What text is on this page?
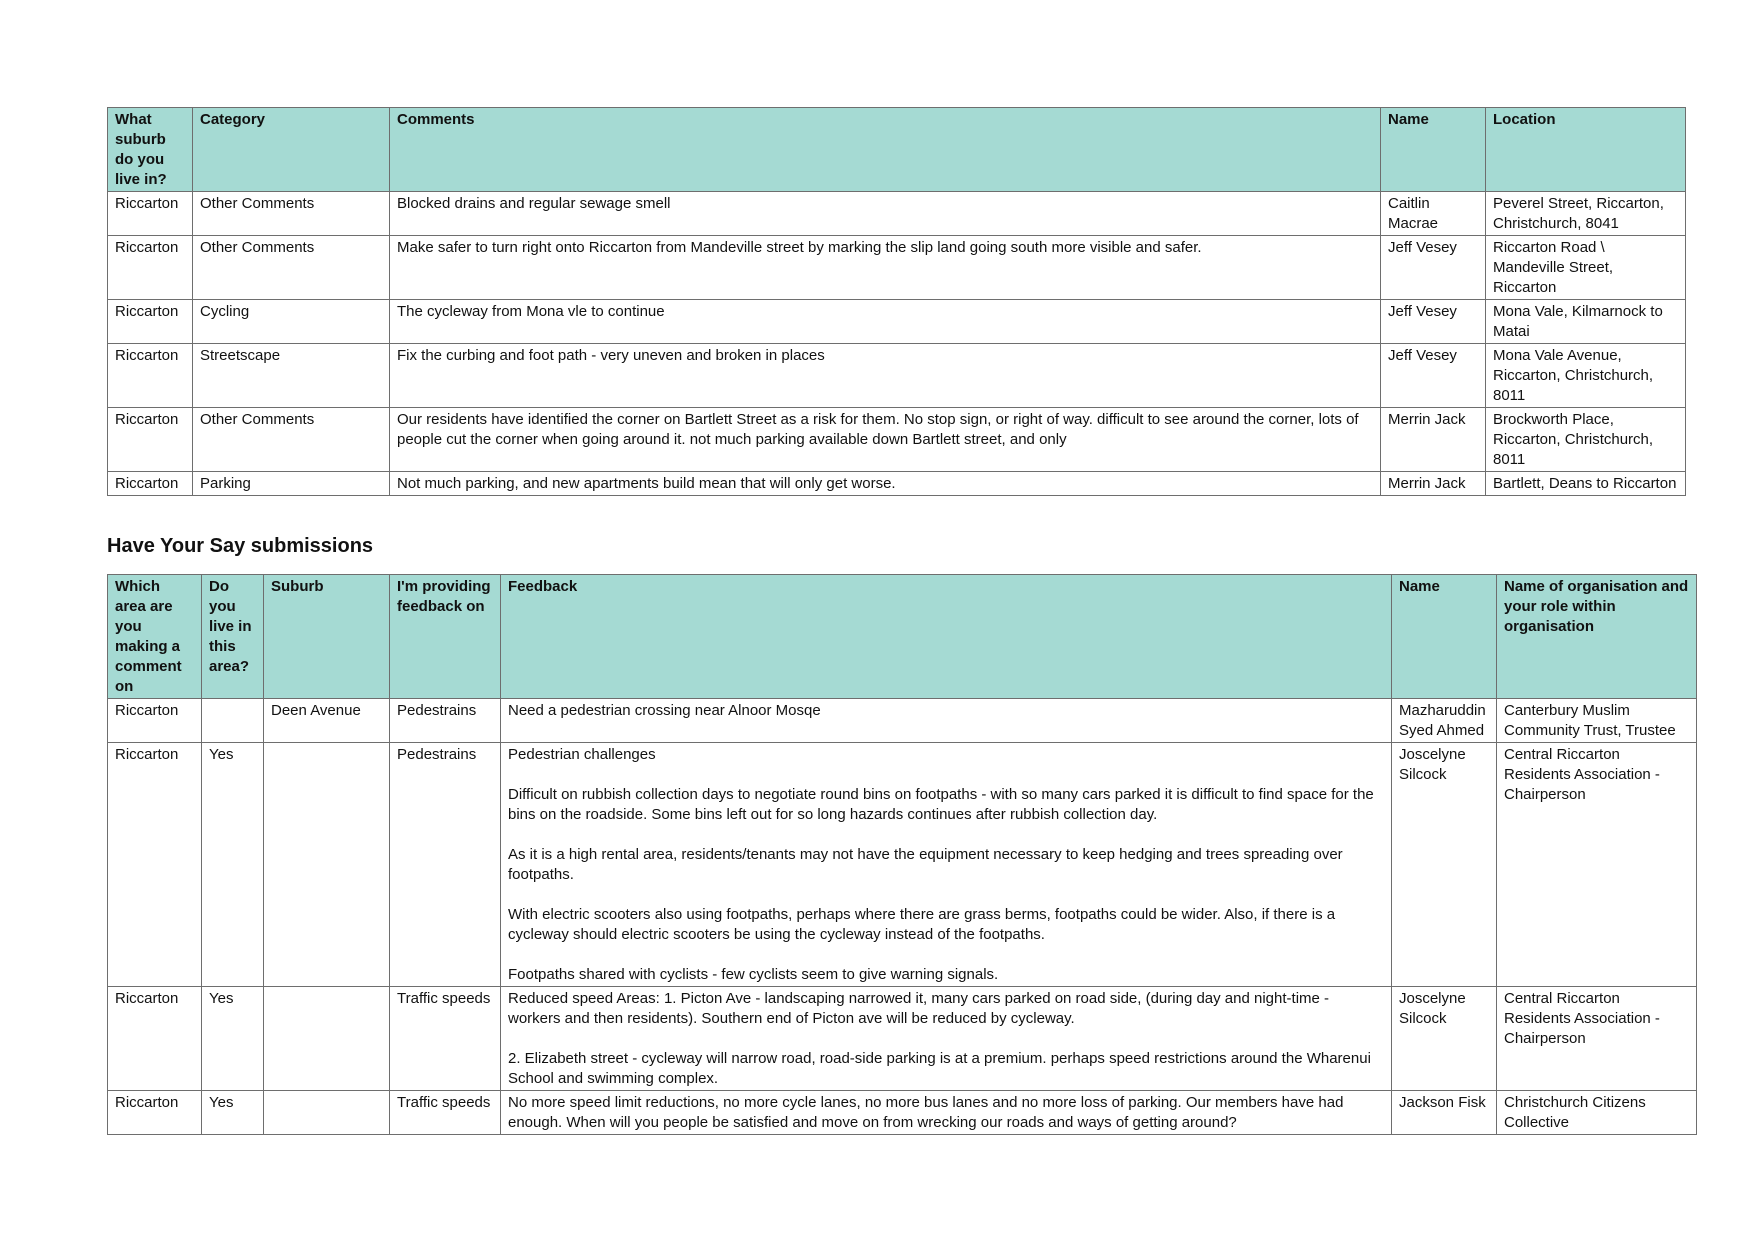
What suburb do you live in?	Category	Comments	Name	Location
Riccarton	Other Comments	Blocked drains and regular sewage smell	Caitlin Macrae	Peverel Street, Riccarton, Christchurch, 8041
Riccarton	Other Comments	Make safer to turn right onto Riccarton from Mandeville street by marking the slip land going south more visible and safer.	Jeff Vesey	Riccarton Road \ Mandeville Street, Riccarton
Riccarton	Cycling	The cycleway from Mona vle to continue	Jeff Vesey	Mona Vale, Kilmarnock to Matai
Riccarton	Streetscape	Fix the curbing and foot path - very uneven and broken in places	Jeff Vesey	Mona Vale Avenue, Riccarton, Christchurch, 8011
Riccarton	Other Comments	Our residents have identified the corner on Bartlett Street as a risk for them. No stop sign, or right of way. difficult to see around the corner, lots of people cut the corner when going around it. not much parking available down Bartlett street, and only	Merrin Jack	Brockworth Place, Riccarton, Christchurch, 8011
Riccarton	Parking	Not much parking, and new apartments build mean that will only get worse.	Merrin Jack	Bartlett, Deans to Riccarton
Have Your Say submissions
Which area are you making a comment on	Do you live in this area?	Suburb	I'm providing feedback on	Feedback	Name	Name of organisation and your role within organisation
Riccarton		Deen Avenue	Pedestrains	Need a pedestrian crossing near Alnoor Mosqe	Mazharuddin Syed Ahmed	Canterbury Muslim Community Trust, Trustee
Riccarton	Yes		Pedestrains	Pedestrian challenges

Difficult on rubbish collection days to negotiate round bins on footpaths - with so many cars parked it is difficult to find space for the bins on the roadside. Some bins left out for so long hazards continues after rubbish collection day.

As it is a high rental area, residents/tenants may not have the equipment necessary to keep hedging and trees spreading over footpaths.

With electric scooters also using footpaths, perhaps where there are grass berms, footpaths could be wider. Also, if there is a cycleway should electric scooters be using the cycleway instead of the footpaths.

Footpaths shared with cyclists - few cyclists seem to give warning signals.	Joscelyne Silcock	Central Riccarton Residents Association - Chairperson
Riccarton	Yes		Traffic speeds	Reduced speed Areas: 1. Picton Ave - landscaping narrowed it, many cars parked on road side, (during day and night-time - workers and then residents). Southern end of Picton ave will be reduced by cycleway.

2. Elizabeth street - cycleway will narrow road, road-side parking is at a premium. perhaps speed restrictions around the Wharenui School and swimming complex.	Joscelyne Silcock	Central Riccarton Residents Association - Chairperson
Riccarton	Yes		Traffic speeds	No more speed limit reductions, no more cycle lanes, no more bus lanes and no more loss of parking. Our members have had enough. When will you people be satisfied and move on from wrecking our roads and ways of getting around?	Jackson Fisk	Christchurch Citizens Collective
